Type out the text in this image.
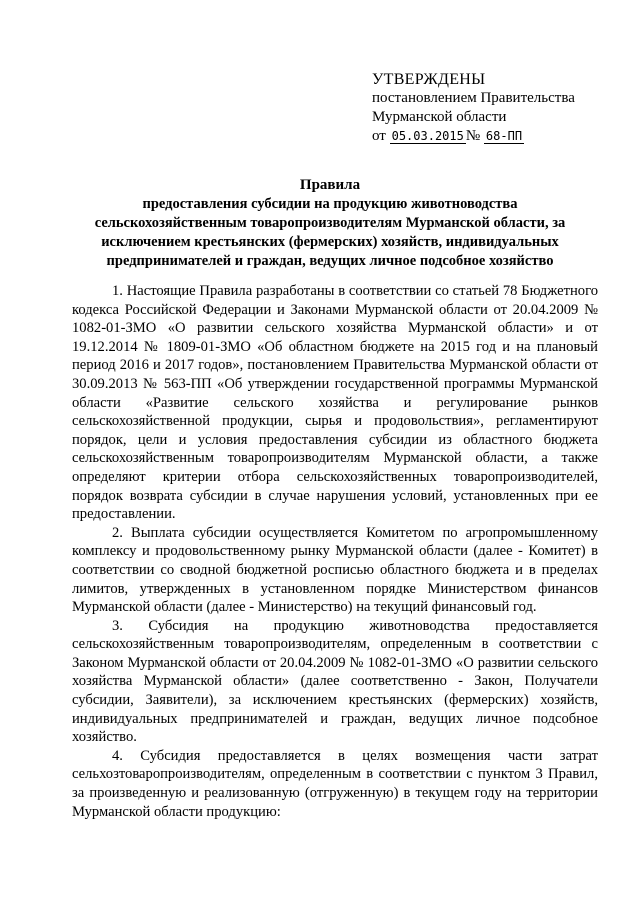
УТВЕРЖДЕНЫ
постановлением Правительства
Мурманской области
от 05.03.2015 № 68-ПП
Правила
предоставления субсидии на продукцию животноводства сельскохозяйственным товаропроизводителям Мурманской области, за исключением крестьянских (фермерских) хозяйств, индивидуальных предпринимателей и граждан, ведущих личное подсобное хозяйство

1. Настоящие Правила разработаны в соответствии со статьей 78 Бюджетного кодекса Российской Федерации и Законами Мурманской области от 20.04.2009 № 1082-01-ЗМО «О развитии сельского хозяйства Мурманской области» и от 19.12.2014 № 1809-01-ЗМО «Об областном бюджете на 2015 год и на плановый период 2016 и 2017 годов», постановлением Правительства Мурманской области от 30.09.2013 № 563-ПП «Об утверждении государственной программы Мурманской области «Развитие сельского хозяйства и регулирование рынков сельскохозяйственной продукции, сырья и продовольствия», регламентируют порядок, цели и условия предоставления субсидии из областного бюджета сельскохозяйственным товаропроизводителям Мурманской области, а также определяют критерии отбора сельскохозяйственных товаропроизводителей, порядок возврата субсидии в случае нарушения условий, установленных при ее предоставлении.

2. Выплата субсидии осуществляется Комитетом по агропромышленному комплексу и продовольственному рынку Мурманской области (далее - Комитет) в соответствии со сводной бюджетной росписью областного бюджета и в пределах лимитов, утвержденных в установленном порядке Министерством финансов Мурманской области (далее - Министерство) на текущий финансовый год.

3. Субсидия на продукцию животноводства предоставляется сельскохозяйственным товаропроизводителям, определенным в соответствии с Законом Мурманской области от 20.04.2009 № 1082-01-ЗМО «О развитии сельского хозяйства Мурманской области» (далее соответственно - Закон, Получатели субсидии, Заявители), за исключением крестьянских (фермерских) хозяйств, индивидуальных предпринимателей и граждан, ведущих личное подсобное хозяйство.

4. Субсидия предоставляется в целях возмещения части затрат сельхозтоваропроизводителям, определенным в соответствии с пунктом 3 Правил, за произведенную и реализованную (отгруженную) в текущем году на территории Мурманской области продукцию:
